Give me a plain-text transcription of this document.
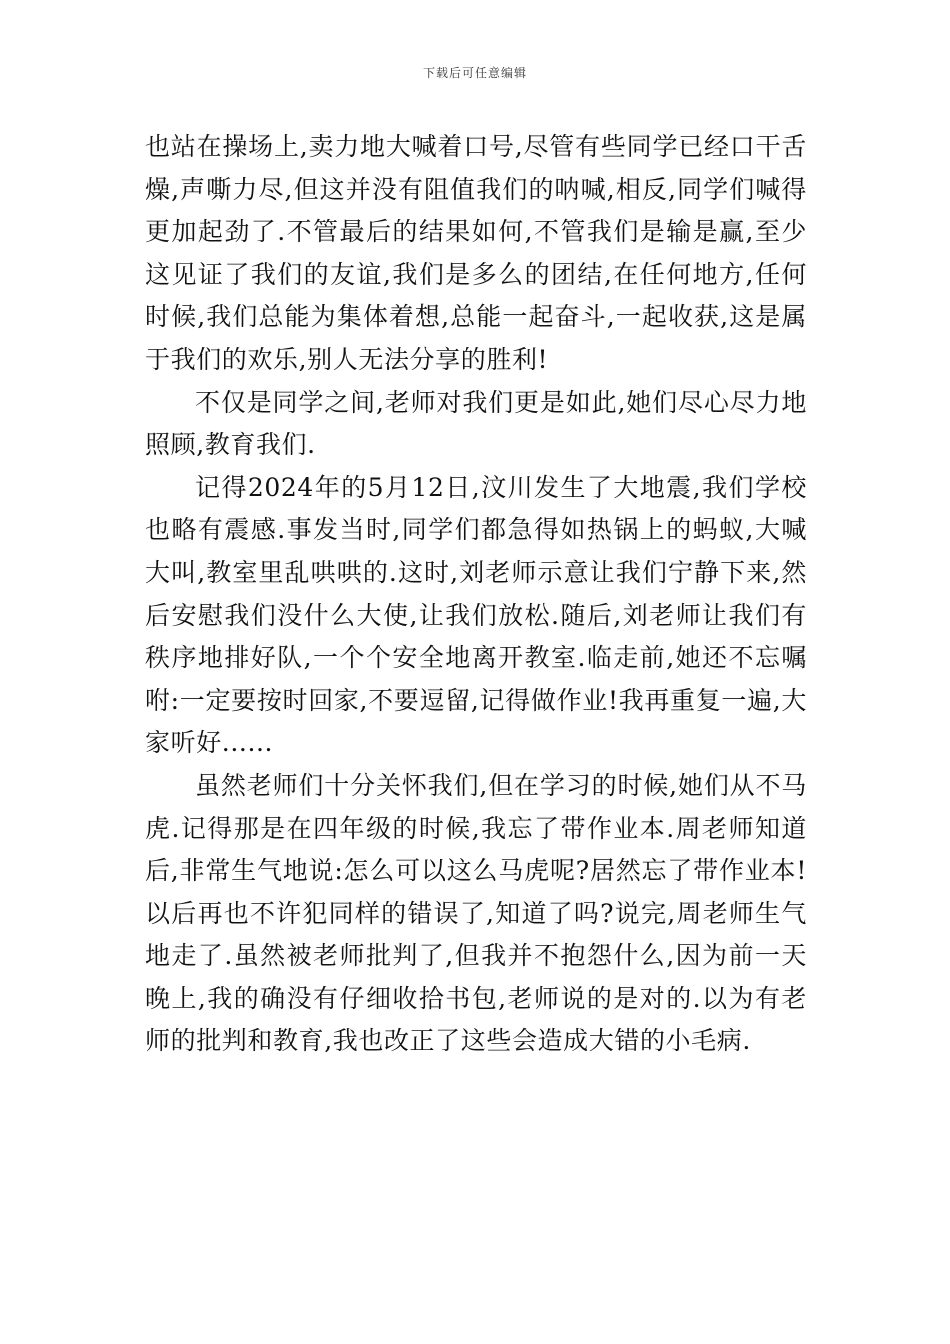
下载后可任意编辑

也站在操场上,卖力地大喊着口号,尽管有些同学已经口干舌燥,声嘶力尽,但这并没有阻值我们的呐喊,相反,同学们喊得更加起劲了.不管最后的结果如何,不管我们是输是赢,至少这见证了我们的友谊,我们是多么的团结,在任何地方,任何时候,我们总能为集体着想,总能一起奋斗,一起收获,这是属于我们的欢乐,别人无法分享的胜利!

不仅是同学之间,老师对我们更是如此,她们尽心尽力地照顾,教育我们.

记得2024年的5月12日,汶川发生了大地震,我们学校也略有震感.事发当时,同学们都急得如热锅上的蚂蚁,大喊大叫,教室里乱哄哄的.这时,刘老师示意让我们宁静下来,然后安慰我们没什么大使,让我们放松.随后,刘老师让我们有秩序地排好队,一个个安全地离开教室.临走前,她还不忘嘱咐:一定要按时回家,不要逗留,记得做作业!我再重复一遍,大家听好......

虽然老师们十分关怀我们,但在学习的时候,她们从不马虎.记得那是在四年级的时候,我忘了带作业本.周老师知道后,非常生气地说:怎么可以这么马虎呢?居然忘了带作业本!以后再也不许犯同样的错误了,知道了吗?说完,周老师生气地走了.虽然被老师批判了,但我并不抱怨什么,因为前一天晚上,我的确没有仔细收拾书包,老师说的是对的.以为有老师的批判和教育,我也改正了这些会造成大错的小毛病.
